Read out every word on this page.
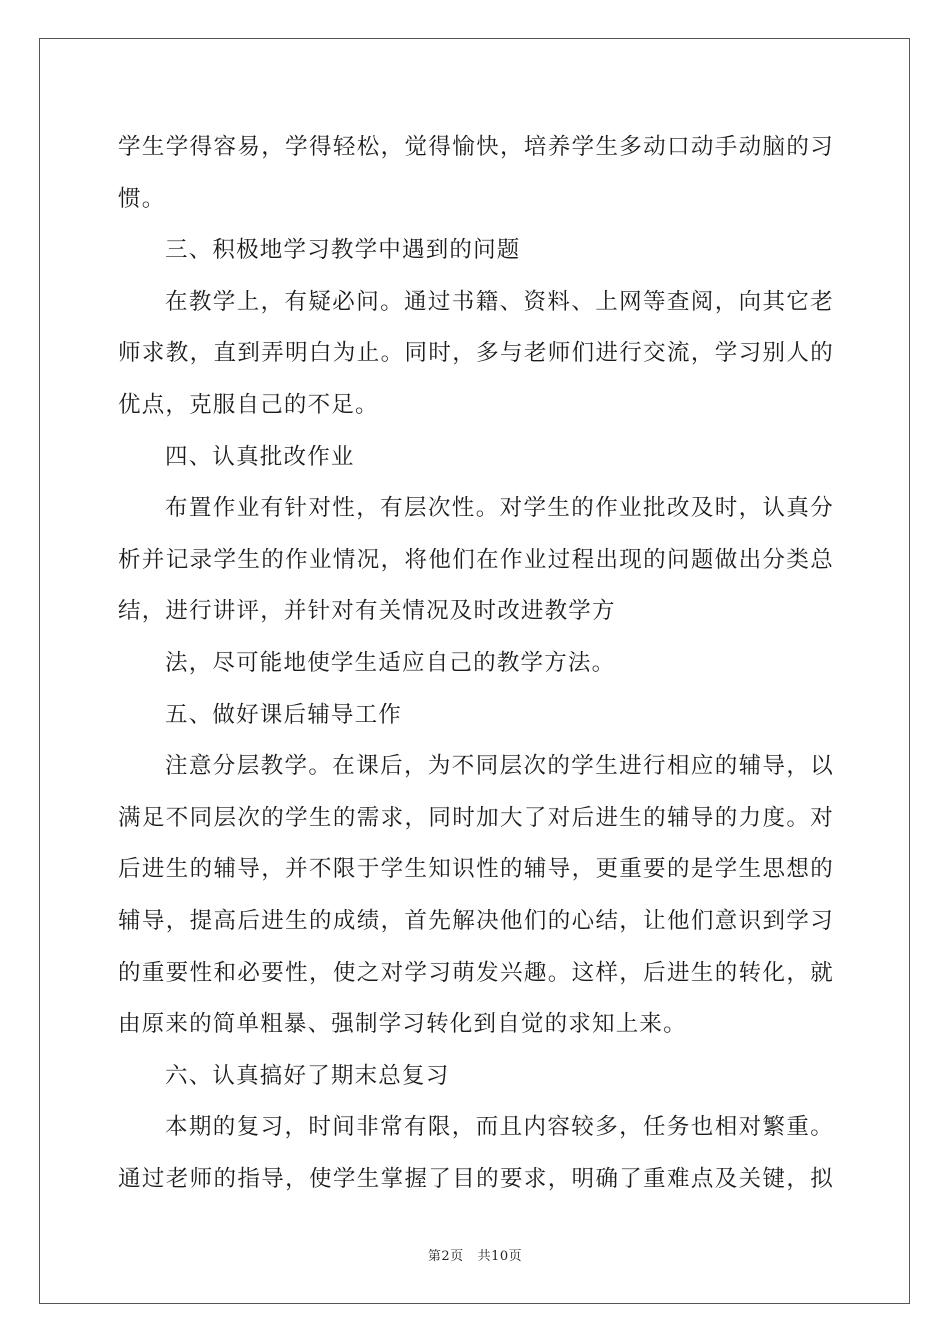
学生学得容易，学得轻松，觉得愉快，培养学生多动口动手动脑的习
惯。
三、积极地学习教学中遇到的问题
在教学上，有疑必问。通过书籍、资料、上网等查阅，向其它老
师求教，直到弄明白为止。同时，多与老师们进行交流，学习别人的
优点，克服自己的不足。
四、认真批改作业
布置作业有针对性，有层次性。对学生的作业批改及时，认真分
析并记录学生的作业情况，将他们在作业过程出现的问题做出分类总
结，进行讲评，并针对有关情况及时改进教学方
法，尽可能地使学生适应自己的教学方法。
五、做好课后辅导工作
注意分层教学。在课后，为不同层次的学生进行相应的辅导，以
满足不同层次的学生的需求，同时加大了对后进生的辅导的力度。对
后进生的辅导，并不限于学生知识性的辅导，更重要的是学生思想的
辅导，提高后进生的成绩，首先解决他们的心结，让他们意识到学习
的重要性和必要性，使之对学习萌发兴趣。这样，后进生的转化，就
由原来的简单粗暴、强制学习转化到自觉的求知上来。
六、认真搞好了期末总复习
本期的复习，时间非常有限，而且内容较多，任务也相对繁重。
通过老师的指导，使学生掌握了目的要求，明确了重难点及关键，拟
第2页 共10页
